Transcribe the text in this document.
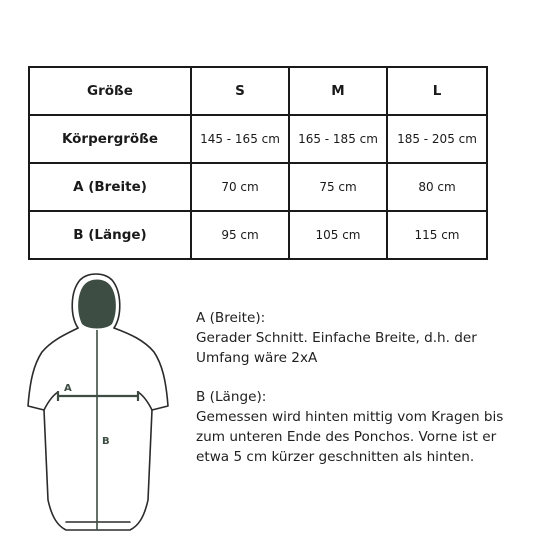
Größe	S	M	L
Körpergröße	145 - 165 cm	165 - 185 cm	185 - 205 cm
A (Breite)	70 cm	75 cm	80 cm
B (Länge)	95 cm	105 cm	115 cm
A
B

A (Breite):

Gerader Schnitt. Einfache Breite, d.h. der Umfang wäre 2xA

B (Länge):

Gemessen wird hinten mittig vom Kragen bis zum unteren Ende des Ponchos. Vorne ist er etwa 5 cm kürzer geschnitten als hinten.
